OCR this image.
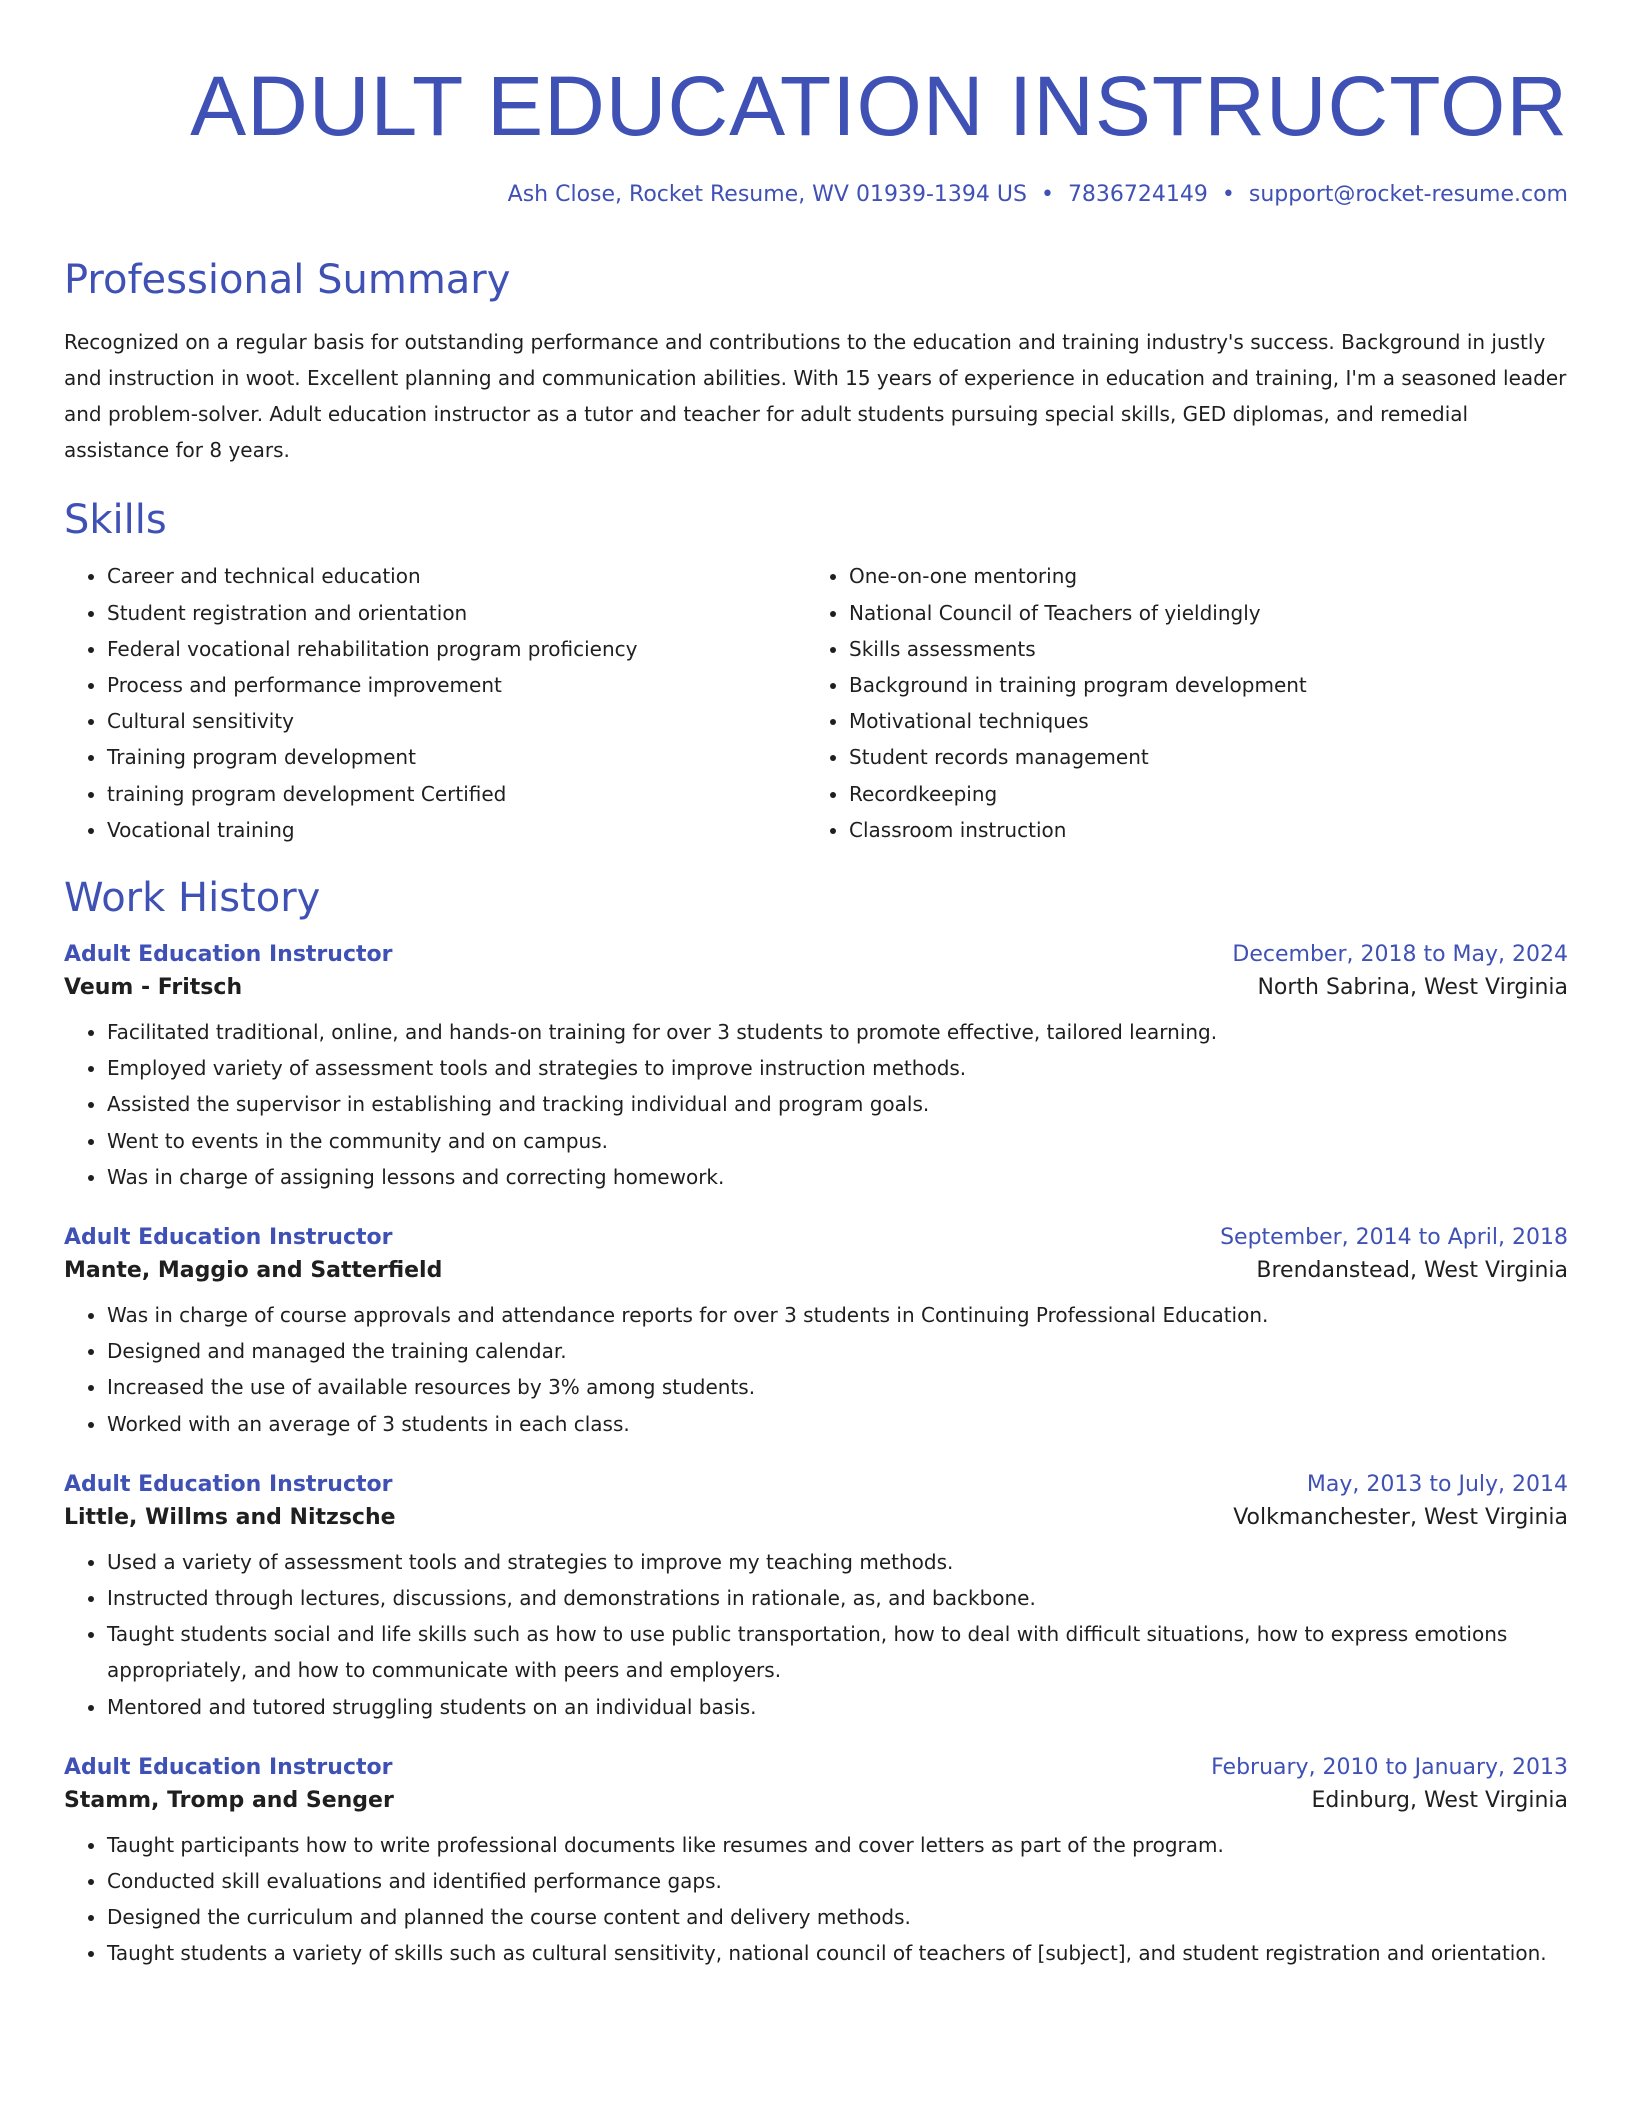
ADULT EDUCATION INSTRUCTOR
Ash Close, Rocket Resume, WV 01939-1394 US • 7836724149 • support@rocket-resume.com
Professional Summary

Recognized on a regular basis for outstanding performance and contributions to the education and training industry's success. Background in justly and instruction in woot. Excellent planning and communication abilities. With 15 years of experience in education and training, I'm a seasoned leader and problem-solver. Adult education instructor as a tutor and teacher for adult students pursuing special skills, GED diplomas, and remedial assistance for 8 years.

Skills
• Career and technical education
• Student registration and orientation
• Federal vocational rehabilitation program proficiency
• Process and performance improvement
• Cultural sensitivity
• Training program development
• training program development Certified
• Vocational training
• One-on-one mentoring
• National Council of Teachers of yieldingly
• Skills assessments
• Background in training program development
• Motivational techniques
• Student records management
• Recordkeeping
• Classroom instruction
Work History
Adult Education Instructor	December, 2018 to May, 2024
Veum - Fritsch	North Sabrina, West Virginia
• Facilitated traditional, online, and hands-on training for over 3 students to promote effective, tailored learning.
• Employed variety of assessment tools and strategies to improve instruction methods.
• Assisted the supervisor in establishing and tracking individual and program goals.
• Went to events in the community and on campus.
• Was in charge of assigning lessons and correcting homework.
Adult Education Instructor	September, 2014 to April, 2018
Mante, Maggio and Satterfield	Brendanstead, West Virginia
• Was in charge of course approvals and attendance reports for over 3 students in Continuing Professional Education.
• Designed and managed the training calendar.
• Increased the use of available resources by 3% among students.
• Worked with an average of 3 students in each class.
Adult Education Instructor	May, 2013 to July, 2014
Little, Willms and Nitzsche	Volkmanchester, West Virginia
• Used a variety of assessment tools and strategies to improve my teaching methods.
• Instructed through lectures, discussions, and demonstrations in rationale, as, and backbone.
• Taught students social and life skills such as how to use public transportation, how to deal with difficult situations, how to express emotions appropriately, and how to communicate with peers and employers.
• Mentored and tutored struggling students on an individual basis.
Adult Education Instructor	February, 2010 to January, 2013
Stamm, Tromp and Senger	Edinburg, West Virginia
• Taught participants how to write professional documents like resumes and cover letters as part of the program.
• Conducted skill evaluations and identified performance gaps.
• Designed the curriculum and planned the course content and delivery methods.
• Taught students a variety of skills such as cultural sensitivity, national council of teachers of [subject], and student registration and orientation.
